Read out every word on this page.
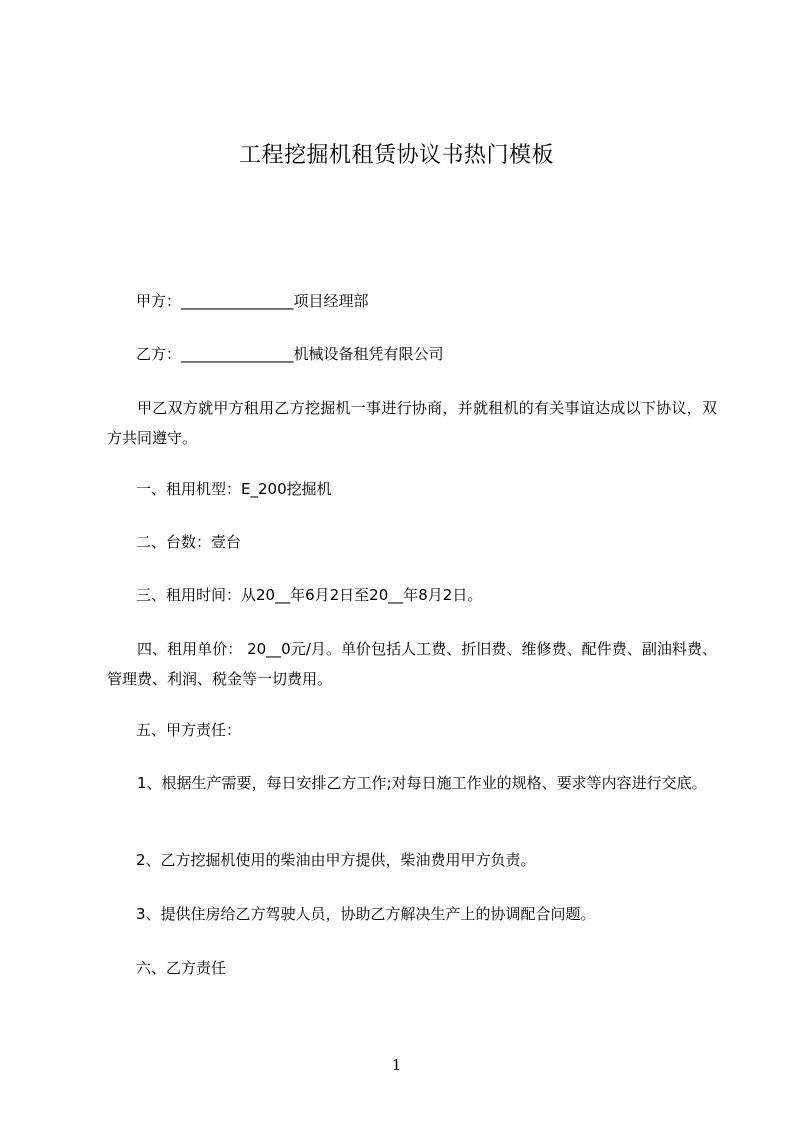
工程挖掘机租赁协议书热门模板
甲方：_______________项目经理部
乙方：_______________机械设备租凭有限公司
甲乙双方就甲方租用乙方挖掘机一事进行协商，并就租机的有关事谊达成以下协议，双方共同遵守。
一、租用机型：E_200挖掘机
二、台数：壹台
三、租用时间：从20__年6月2日至20__年8月2日。
四、租用单价： 20__0元/月。单价包括人工费、折旧费、维修费、配件费、副油料费、管理费、利润、税金等一切费用。
五、甲方责任：
1、根据生产需要，每日安排乙方工作;对每日施工作业的规格、要求等内容进行交底。
2、乙方挖掘机使用的柴油由甲方提供，柴油费用甲方负责。
3、提供住房给乙方驾驶人员，协助乙方解决生产上的协调配合问题。
六、乙方责任
1
